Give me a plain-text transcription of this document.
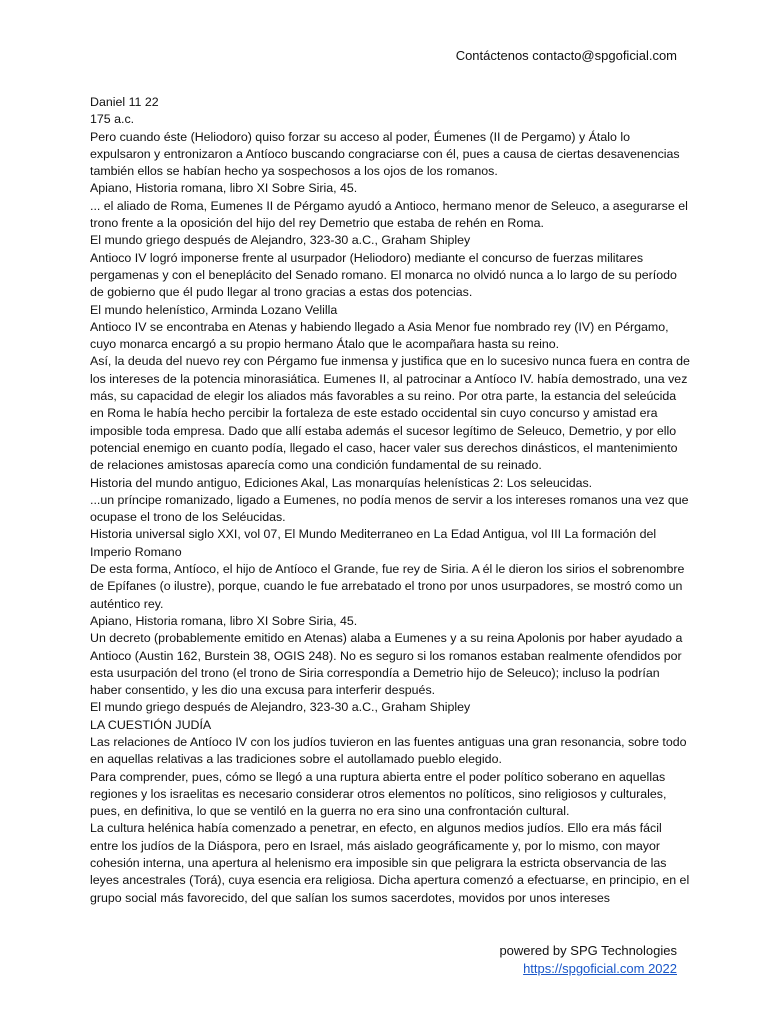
Contáctenos contacto@spgoficial.com

Daniel 11 22

175 a.c.

Pero cuando éste (Heliodoro) quiso forzar su acceso al poder, Éumenes (II de Pergamo) y Átalo lo expulsaron y entronizaron a Antíoco buscando congraciarse con él, pues a causa de ciertas desavenencias también ellos se habían hecho ya sospechosos a los ojos de los romanos.

Apiano, Historia romana, libro XI Sobre Siria, 45.

... el aliado de Roma, Eumenes II de Pérgamo ayudó a Antioco, hermano menor de Seleuco, a asegurarse el trono frente a la oposición del hijo del rey Demetrio que estaba de rehén en Roma.

El mundo griego después de Alejandro, 323-30 a.C., Graham Shipley

Antioco IV logró imponerse frente al usurpador (Heliodoro) mediante el concurso de fuerzas militares pergamenas y con el beneplácito del Senado romano. El monarca no olvidó nunca a lo largo de su período de gobierno que él pudo llegar al trono gracias a estas dos potencias.

El mundo helenístico, Arminda Lozano Velilla

Antioco IV se encontraba en Atenas y habiendo llegado a Asia Menor fue nombrado rey (IV) en Pérgamo, cuyo monarca encargó a su propio hermano Átalo que le acompañara hasta su reino.

Así, la deuda del nuevo rey con Pérgamo fue inmensa y justifica que en lo sucesivo nunca fuera en contra de los intereses de la potencia minorasiática. Eumenes II, al patrocinar a Antíoco IV. había demostrado, una vez más, su capacidad de elegir los aliados más favorables a su reino. Por otra parte, la estancia del seleúcida en Roma le había hecho percibir la fortaleza de este estado occidental sin cuyo concurso y amistad era imposible toda empresa. Dado que allí estaba además el sucesor legítimo de Seleuco, Demetrio, y por ello potencial enemigo en cuanto podía, llegado el caso, hacer valer sus derechos dinásticos, el mantenimiento de relaciones amistosas aparecía como una condición fundamental de su reinado.

Historia del mundo antiguo, Ediciones Akal, Las monarquías helenísticas 2: Los seleucidas.

...un príncipe romanizado, ligado a Eumenes, no podía menos de servir a los intereses romanos una vez que ocupase el trono de los Seléucidas.

Historia universal siglo XXI, vol 07, El Mundo Mediterraneo en La Edad Antigua, vol III La formación del Imperio Romano

De esta forma, Antíoco, el hijo de Antíoco el Grande, fue rey de Siria. A él le dieron los sirios el sobrenombre de Epífanes (o ilustre), porque, cuando le fue arrebatado el trono por unos usurpadores, se mostró como un auténtico rey.

Apiano, Historia romana, libro XI Sobre Siria, 45.

Un decreto (probablemente emitido en Atenas) alaba a Eumenes y a su reina Apolonis por haber ayudado a Antioco (Austin 162, Burstein 38, OGIS 248). No es seguro si los romanos estaban realmente ofendidos por esta usurpación del trono (el trono de Siria correspondía a Demetrio hijo de Seleuco); incluso la podrían haber consentido, y les dio una excusa para interferir después.

El mundo griego después de Alejandro, 323-30 a.C., Graham Shipley

LA CUESTIÓN JUDÍA

Las relaciones de Antíoco IV con los judíos tuvieron en las fuentes antiguas una gran resonancia, sobre todo en aquellas relativas a las tradiciones sobre el autollamado pueblo elegido.

Para comprender, pues, cómo se llegó a una ruptura abierta entre el poder político soberano en aquellas regiones y los israelitas es necesario considerar otros elementos no políticos, sino religiosos y culturales, pues, en definitiva, lo que se ventiló en la guerra no era sino una confrontación cultural.

La cultura helénica había comenzado a penetrar, en efecto, en algunos medios judíos. Ello era más fácil entre los judíos de la Diáspora, pero en Israel, más aislado geográficamente y, por lo mismo, con mayor cohesión interna, una apertura al helenismo era imposible sin que peligrara la estricta observancia de las leyes ancestrales (Torá), cuya esencia era religiosa. Dicha apertura comenzó a efectuarse, en principio, en el grupo social más favorecido, del que salían los sumos sacerdotes, movidos por unos intereses

powered by SPG Technologies
https://spgoficial.com 2022
